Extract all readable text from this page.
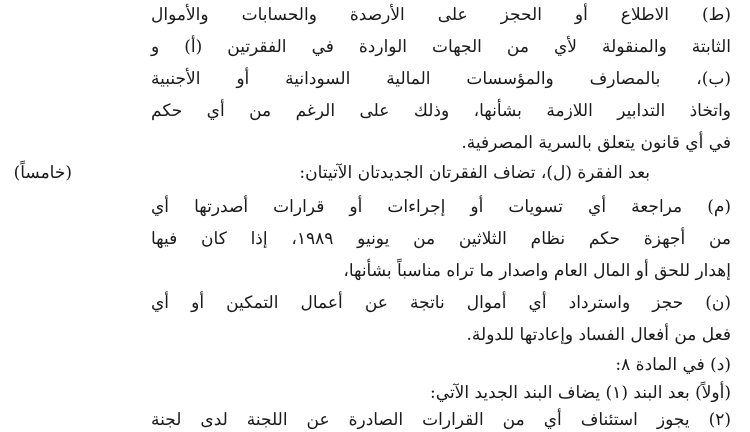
(ط) الاطلاع أو الحجز على الأرصدة والحسابات والأموال
الثابتة والمنقولة لأي من الجهات الواردة في الفقرتين (أ) و
(ب)، بالمصارف والمؤسسات المالية السودانية أو الأجنبية
واتخاذ التدابير اللازمة بشأنها، وذلك على الرغم من أي حكم
في أي قانون يتعلق بالسرية المصرفية.
(خامساً)	بعد الفقرة (ل)، تضاف الفقرتان الجديدتان الآتيتان:
(م) مراجعة أي تسويات أو إجراءات أو قرارات أصدرتها أي
من أجهزة حكم نظام الثلاثين من يونيو ١٩٨٩، إذا كان فيها
إهدار للحق أو المال العام واصدار ما تراه مناسباً بشأنها،
(ن) حجز واسترداد أي أموال ناتجة عن أعمال التمكين أو أي
فعل من أفعال الفساد وإعادتها للدولة.
(د) في المادة ٨:
(أولاً) بعد البند (١) يضاف البند الجديد الآتي:
(٢) يجوز استئناف أي من القرارات الصادرة عن اللجنة لدى لجنة
